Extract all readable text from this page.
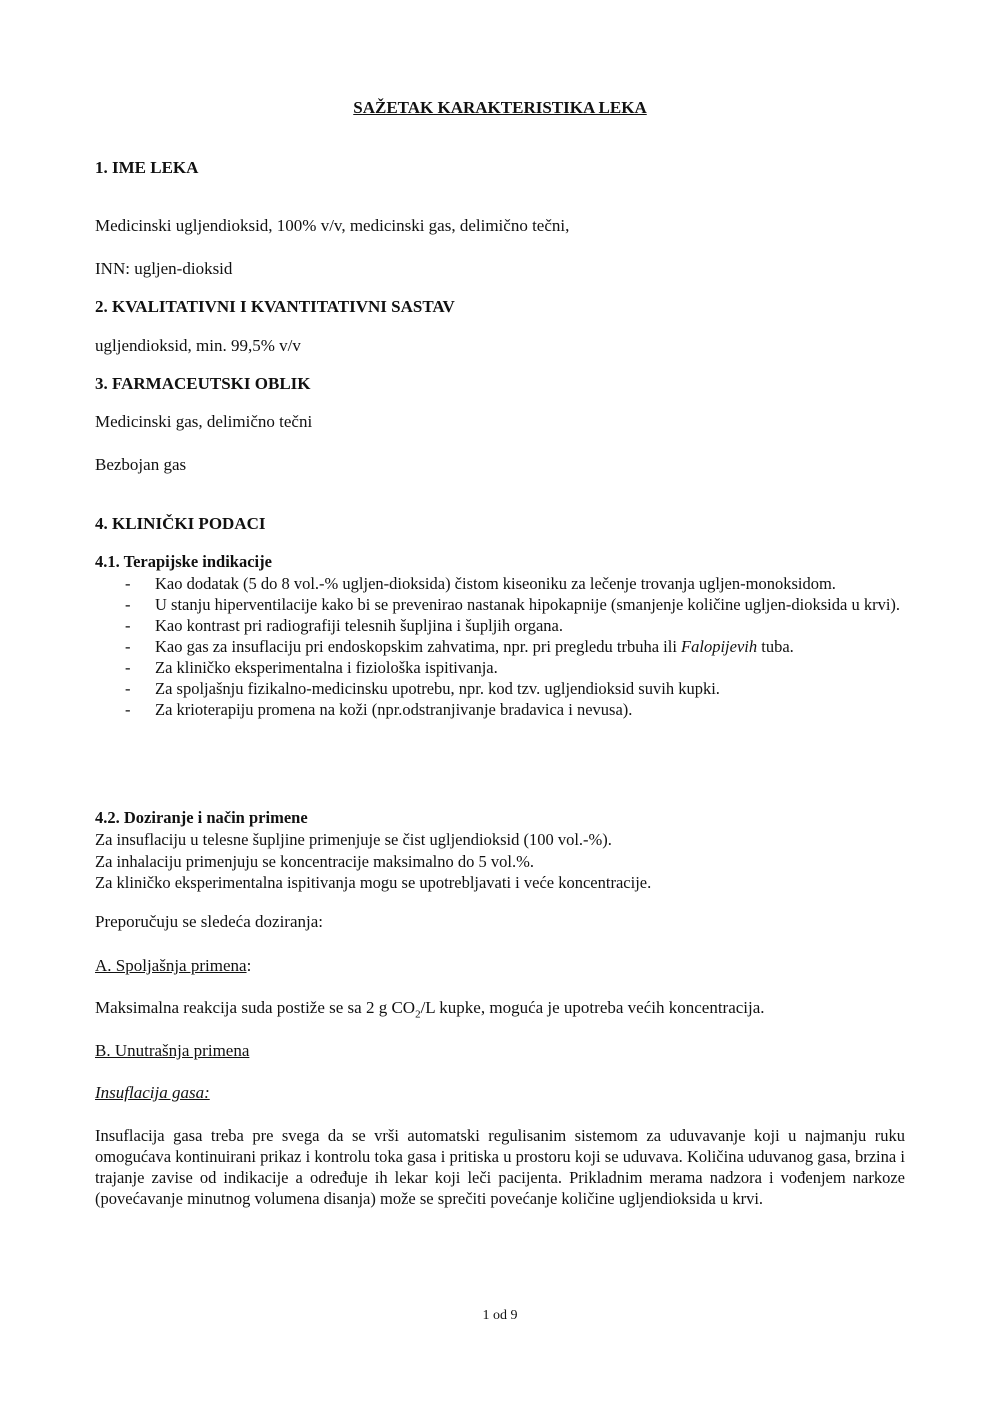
SAŽETAK KARAKTERISTIKA LEKA

1. IME LEKA

Medicinski ugljendioksid, 100% v/v, medicinski gas, delimično tečni,

INN: ugljen-dioksid

2. KVALITATIVNI I KVANTITATIVNI SASTAV

ugljendioksid, min. 99,5% v/v

3. FARMACEUTSKI OBLIK

Medicinski gas, delimično tečni

Bezbojan gas

4. KLINIČKI PODACI

4.1. Terapijske indikacije

- Kao dodatak (5 do 8 vol.-% ugljen-dioksida) čistom kiseoniku za lečenje trovanja ugljen-monoksidom.
- U stanju hiperventilacije kako bi se prevenirao nastanak hipokapnije (smanjenje količine ugljen-dioksida u krvi).
- Kao kontrast pri radiografiji telesnih šupljina i šupljih organa.
- Kao gas za insuflaciju pri endoskopskim zahvatima, npr. pri pregledu trbuha ili Falopijevih tuba.
- Za kliničko eksperimentalna i fiziološka ispitivanja.
- Za spoljašnju fizikalno-medicinsku upotrebu, npr. kod tzv. ugljendioksid suvih kupki.
- Za krioterapiju promena na koži (npr.odstranjivanje bradavica i nevusa).

4.2. Doziranje i način primene

Za insuflaciju u telesne šupljine primenjuje se čist ugljendioksid (100 vol.-%).
Za inhalaciju primenjuju se koncentracije maksimalno do 5 vol.%.
Za kliničko eksperimentalna ispitivanja mogu se upotrebljavati i veće koncentracije.

Preporučuju se sledeća doziranja:

A. Spoljašnja primena:

Maksimalna reakcija suda postiže se sa 2 g $CO_2/L$ kupke, moguća je upotreba većih koncentracija.

B. Unutrašnja primena

Insuflacija gasa:

Insuflacija gasa treba pre svega da se vrši automatski regulisanim sistemom za uduvavanje koji u najmanju ruku omogućava kontinuirani prikaz i kontrolu toka gasa i pritiska u prostoru koji se uduvava. Količina uduvanog gasa, brzina i trajanje zavise od indikacije a određuje ih lekar koji leči pacijenta. Prikladnim merama nadzora i vođenjem narkoze (povećavanje minutnog volumena disanja) može se sprečiti povećanje količine ugljendioksida u krvi.

1 od 9
